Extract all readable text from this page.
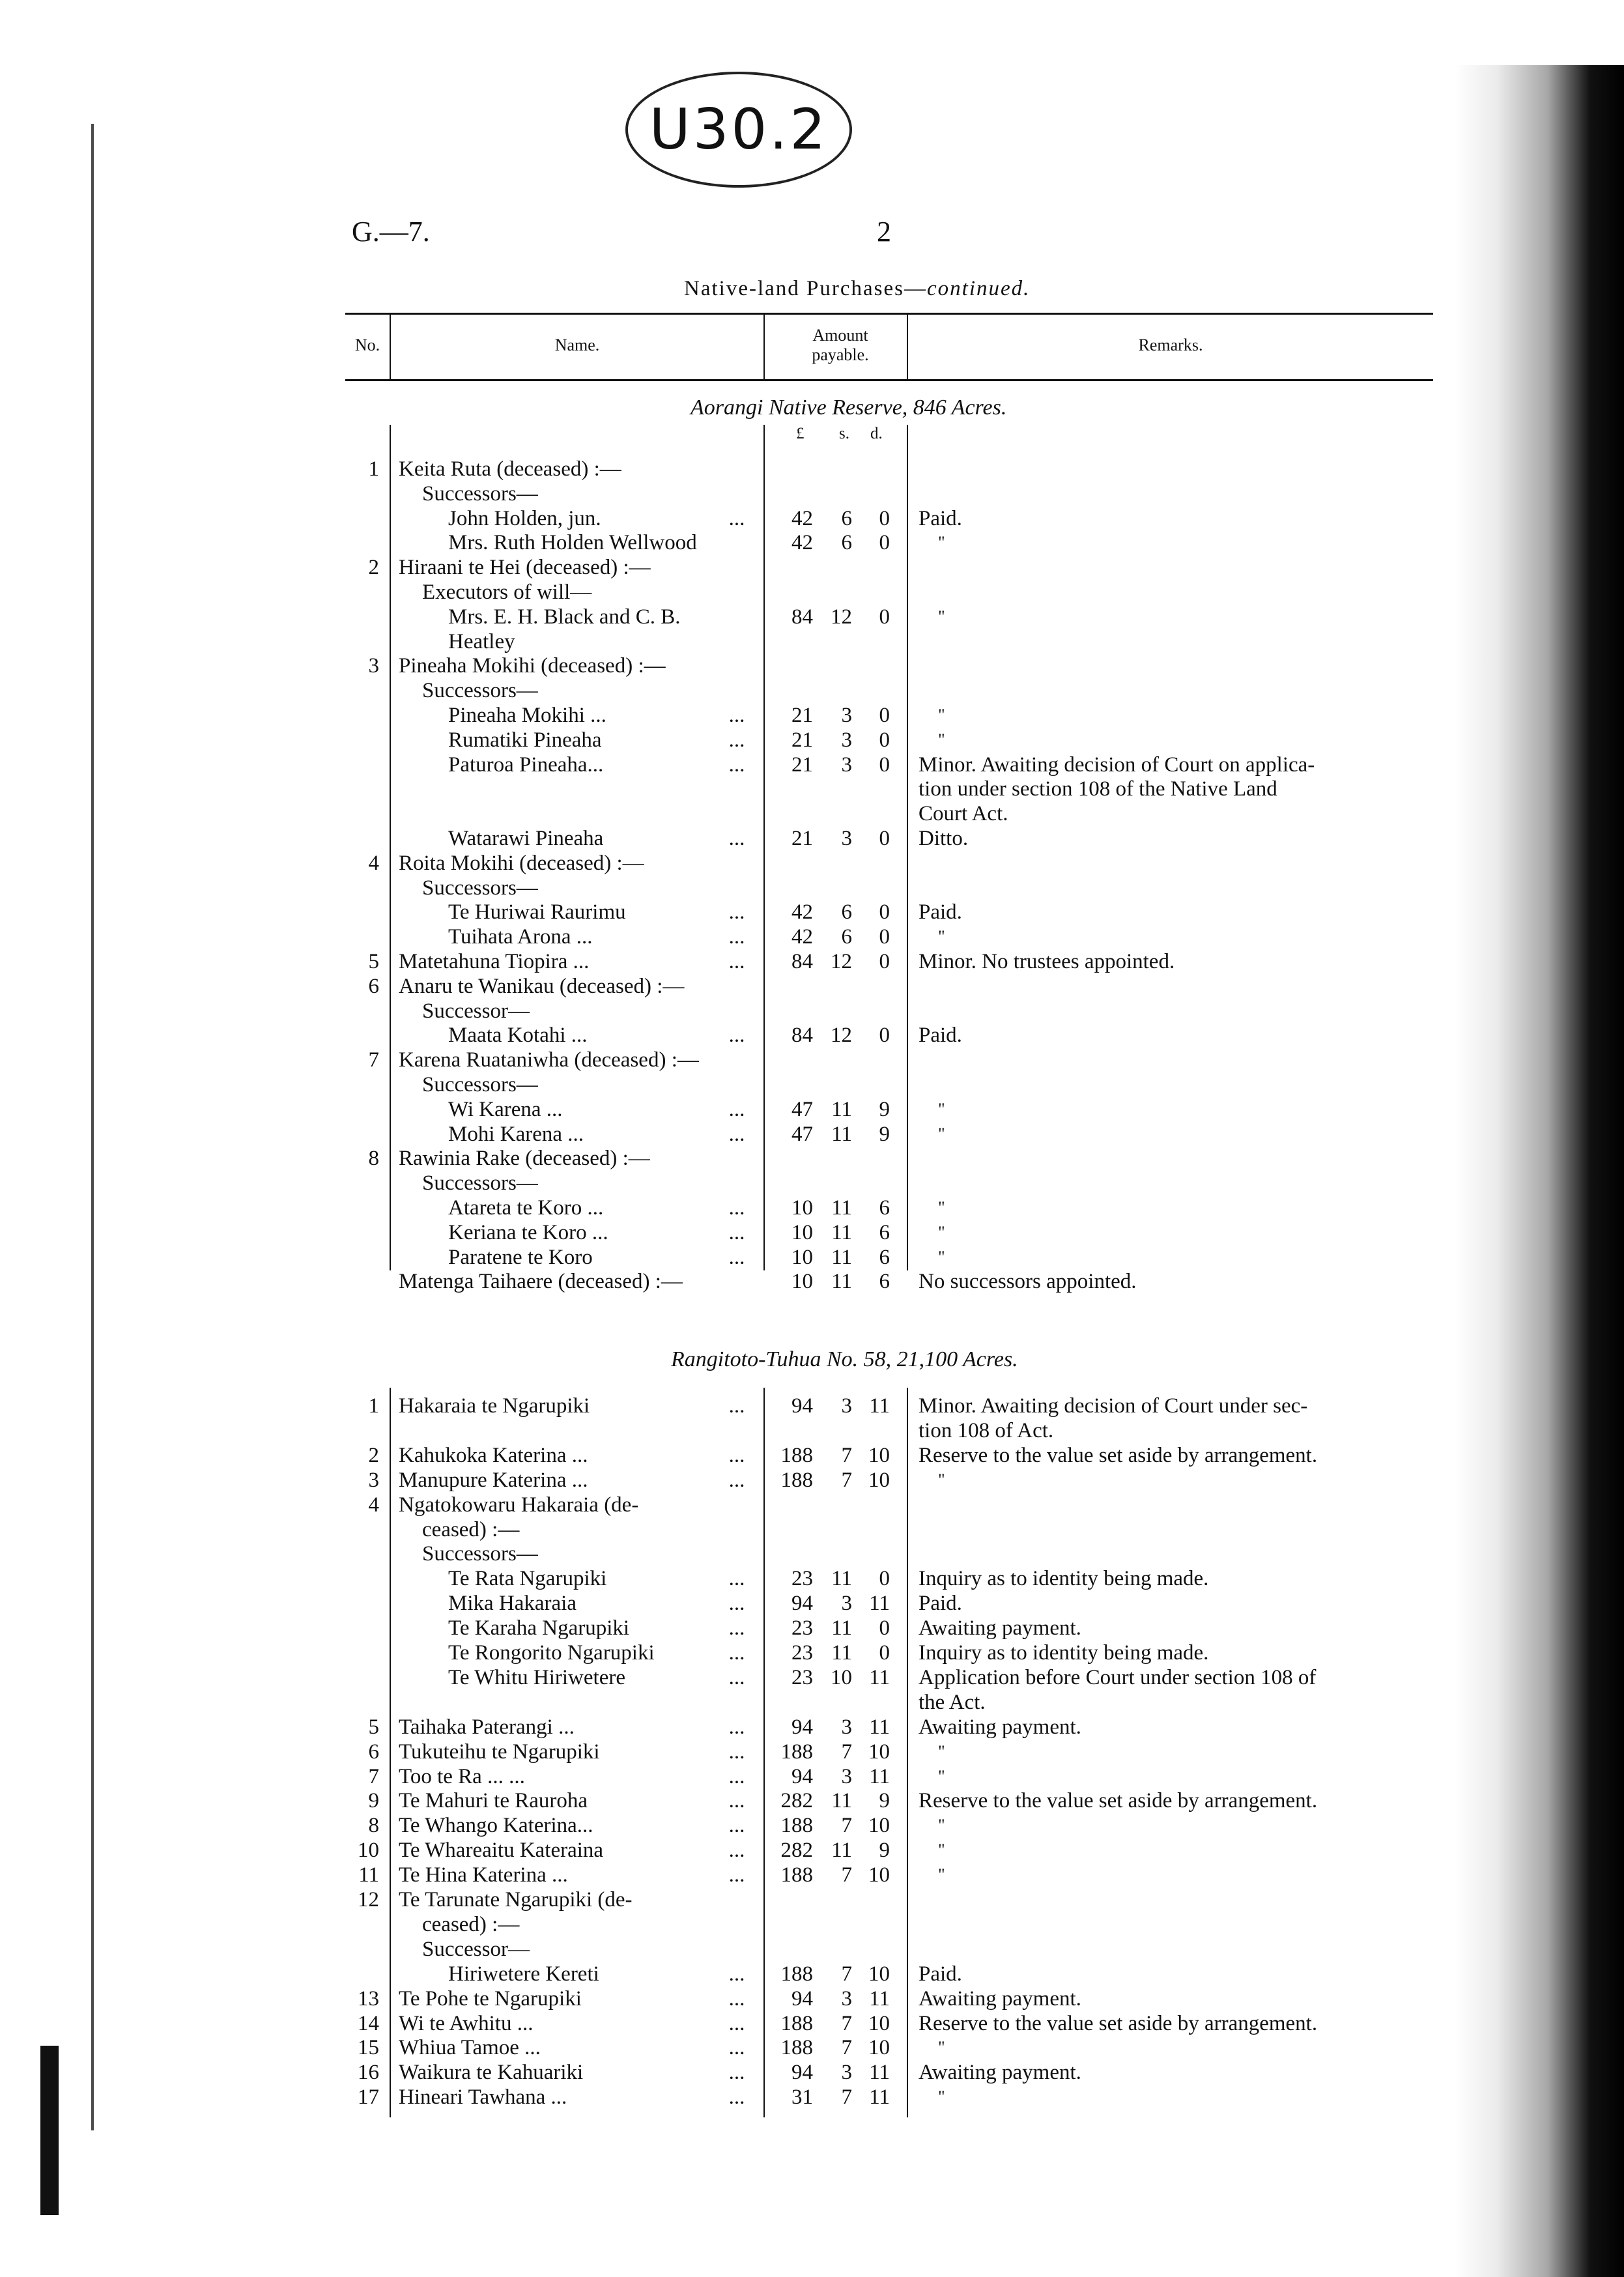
U30.2
G.—7.	2
Native-land Purchases—continued.
No.	Name.
Amount payable.
Remarks.
Aorangi Native Reserve, 846 Acres.
£ s. d.
1 Keita Ruta (deceased) :—
Successors—
John Holden, jun.	...	42	6	0 Paid.
Mrs. Ruth Holden Wellwood	42	6	0	"
2 Hiraani te Hei (deceased) :—
Executors of will—
Mrs. E. H. Black and C. B.	84 12	0	"
Heatley
3 Pineaha Mokihi (deceased) :—
Successors—
Pineaha Mokihi ...	...	21	3	0	"
Rumatiki Pineaha	...	21	3	0	"
Paturoa Pineaha...	...	21	3	0 Minor. Awaiting decision of Court on applica-
tion under section 108 of the Native Land
Court Act.
Watarawi Pineaha	...	21	3	0 Ditto.
4 Roita Mokihi (deceased) :—
Successors—
Te Huriwai Raurimu	...	42	6	0 Paid.
Tuihata Arona ...	...	42	6	0	"
5 Matetahuna Tiopira ...	...	84 12	0 Minor. No trustees appointed.
6 Anaru te Wanikau (deceased) :—
Successor—
Maata Kotahi ...	...	84 12	0 Paid.
7 Karena Ruataniwha (deceased) :—
Successors—
Wi Karena ...	...	47 11	9	"
Mohi Karena ...	...	47 11	9	"
8 Rawinia Rake (deceased) :—
Successors—
Atareta te Koro ...	...	10 11	6	"
Keriana te Koro ...	...	10 11	6	"
Paratene te Koro	...	10 11	6	"
Matenga Taihaere (deceased) :—	10 11	6 No successors appointed.
Rangitoto-Tuhua No. 58, 21,100 Acres.
1 Hakaraia te Ngarupiki	...	94	3 11 Minor. Awaiting decision of Court under sec-
tion 108 of Act.
2 Kahukoka Katerina ...	...	188	7 10 Reserve to the value set aside by arrangement.
3 Manupure Katerina ...	...	188	7 10	"
4 Ngatokowaru Hakaraia (de-
ceased) :—
Successors—
Te Rata Ngarupiki	...	23 11	0 Inquiry as to identity being made.
Mika Hakaraia	...	94	3 11 Paid.
Te Karaha Ngarupiki	...	23 11	0 Awaiting payment.
Te Rongorito Ngarupiki	...	23 11	0 Inquiry as to identity being made.
Te Whitu Hiriwetere	...	23 10 11 Application before Court under section 108 of
the Act.
5 Taihaka Paterangi ...	...	94	3 11 Awaiting payment.
6 Tukuteihu te Ngarupiki	...	188	7 10	"
7 Too te Ra ... ...	...	94	3 11	"
9 Te Mahuri te Rauroha	...	282 11	9 Reserve to the value set aside by arrangement.
8 Te Whango Katerina...	...	188	7 10	"
10 Te Whareaitu Kateraina	...	282 11	9	"
11 Te Hina Katerina ...	...	188	7 10	"
12 Te Tarunate Ngarupiki (de-
ceased) :—
Successor—
Hiriwetere Kereti	...	188	7 10 Paid.
13 Te Pohe te Ngarupiki	...	94	3 11 Awaiting payment.
14 Wi te Awhitu ...	...	188	7 10 Reserve to the value set aside by arrangement.
15 Whiua Tamoe ...	...	188	7 10	"
16 Waikura te Kahuariki	...	94	3 11 Awaiting payment.
17 Hineari Tawhana ...	...	31	7 11	"
